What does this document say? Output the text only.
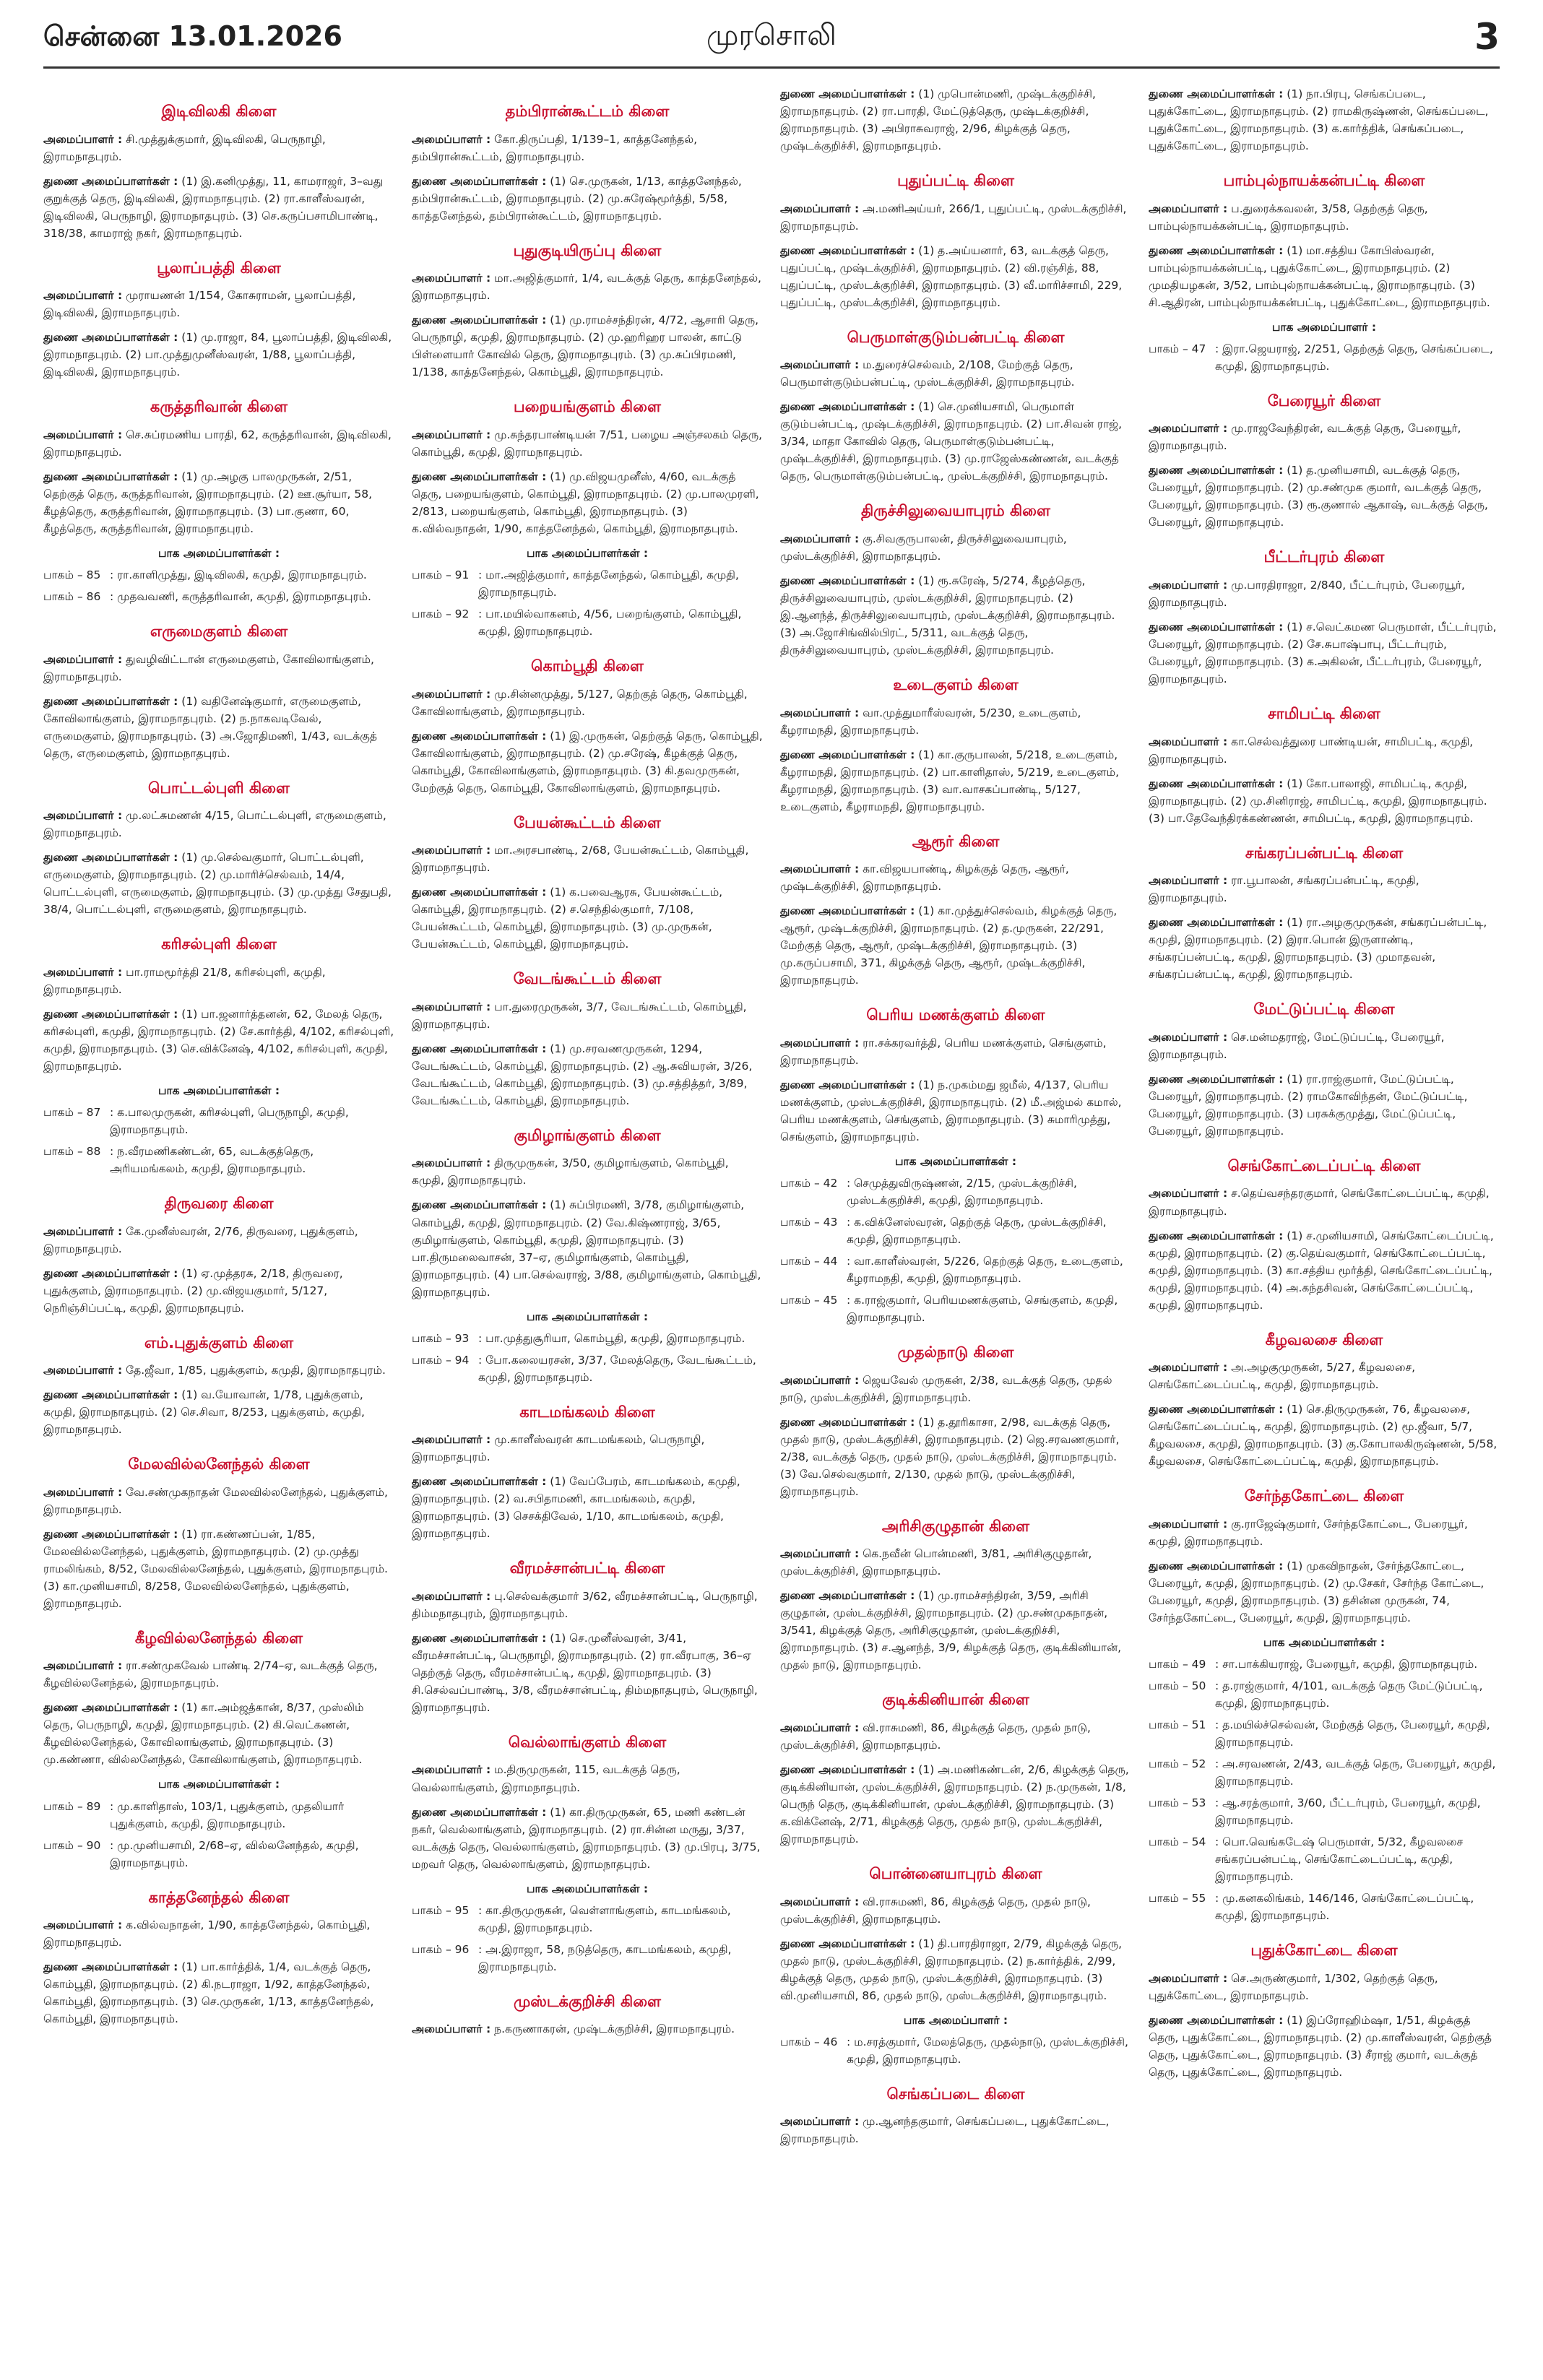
சென்னை 13.01.2026	முரசொலி	3
இடிவிலகி கிளை
அமைப்பாளர் : சி.முத்துக்குமார், இடிவிலகி, பெருநாழி, இராமநாதபுரம்.
துணை அமைப்பாளர்கள் : (1) இ.கனிமுத்து, 11, காமராஜர், 3–வது குறுக்குத் தெரு, இடிவிலகி, இராமநாதபுரம். (2) ரா.காளீஸ்வரன், இடிவிலகி, பெருநாழி, இராமநாதபுரம். (3) செ.கருப்பசாமிபாண்டி, 318/38, காமராஜ் நகர், இராமநாதபுரம்.
பூலாப்பத்தி கிளை
அமைப்பாளர் : முராயணன் 1/154, கோசுராமன், பூலாப்பத்தி, இடிவிலகி, இராமநாதபுரம்.
துணை அமைப்பாளர்கள் : (1) மு.ராஜா, 84, பூலாப்பத்தி, இடிவிலகி, இராமநாதபுரம். (2) பா.முத்துமுனீஸ்வரன், 1/88, பூலாப்பத்தி, இடிவிலகி, இராமநாதபுரம்.
கருத்தரிவான் கிளை
அமைப்பாளர் : செ.சுப்ரமணிய பாரதி, 62, கருத்தரிவான், இடிவிலகி, இராமநாதபுரம்.
துணை அமைப்பாளர்கள் : (1) மு.அழகு பாலமுருகன், 2/51, தெற்குத் தெரு, கருத்தரிவான், இராமநாதபுரம். (2) ஊ.சூர்யா, 58, கீழத்தெரு, கருத்தரிவான், இராமநாதபுரம். (3) பா.குணா, 60, கீழத்தெரு, கருத்தரிவான், இராமநாதபுரம்.
பாக அமைப்பாளர்கள் :
பாகம் – 85 : ரா.காளிமுத்து, இடிவிலகி, கமுதி, இராமநாதபுரம்.
பாகம் – 86 : முதவவணி, கருத்தரிவான், கமுதி, இராமநாதபுரம்.
எருமைகுளம் கிளை
அமைப்பாளர் : துவழிவிட்டான் எருமைகுளம், கோவிலாங்குளம், இராமநாதபுரம்.
துணை அமைப்பாளர்கள் : (1) வதினேஷ்குமார், எருமைகுளம், கோவிலாங்குளம், இராமநாதபுரம். (2) ந.நாகவடிவேல், எருமைகுளம், இராமநாதபுரம். (3) அ.ஜோதிமணி, 1/43, வடக்குத் தெரு, எருமைகுளம், இராமநாதபுரம்.
பொட்டல்புளி கிளை
அமைப்பாளர் : மு.லட்சுமணன் 4/15, பொட்டல்புளி, எருமைகுளம், இராமநாதபுரம்.
துணை அமைப்பாளர்கள் : (1) மு.செல்வகுமார், பொட்டல்புளி, எருமைகுளம், இராமநாதபுரம். (2) மு.மாரிச்செல்வம், 14/4, பொட்டல்புளி, எருமைகுளம், இராமநாதபுரம். (3) மு.முத்து சேதுபதி, 38/4, பொட்டல்புளி, எருமைகுளம், இராமநாதபுரம்.
கரிசல்புளி கிளை
அமைப்பாளர் : பா.ராமமூர்த்தி 21/8, கரிசல்புளி, கமுதி, இராமநாதபுரம்.
துணை அமைப்பாளர்கள் : (1) பா.ஜனார்த்தனன், 62, மேலத் தெரு, கரிசல்புளி, கமுதி, இராமநாதபுரம். (2) சே.கார்த்தி, 4/102, கரிசல்புளி, கமுதி, இராமநாதபுரம். (3) செ.விக்னேஷ், 4/102, கரிசல்புளி, கமுதி, இராமநாதபுரம்.
பாக அமைப்பாளர்கள் :
பாகம் – 87 : க.பாலமுருகன், கரிசல்புளி, பெருநாழி, கமுதி, இராமநாதபுரம்.
பாகம் – 88 : ந.வீரமணிகண்டன், 65, வடக்குத்தெரு, அரியமங்கலம், கமுதி, இராமநாதபுரம்.
திருவரை கிளை
அமைப்பாளர் : கே.முனீஸ்வரன், 2/76, திருவரை, புதுக்குளம், இராமநாதபுரம்.
துணை அமைப்பாளர்கள் : (1) ஏ.முத்தரசு, 2/18, திருவரை, புதுக்குளம், இராமநாதபுரம். (2) மு.விஜயகுமார், 5/127, நெரிஞ்சிப்பட்டி, கமுதி, இராமநாதபுரம்.
எம்.புதுக்குளம் கிளை
அமைப்பாளர் : தே.ஜீவா, 1/85, புதுக்குளம், கமுதி, இராமநாதபுரம்.
துணை அமைப்பாளர்கள் : (1) வ.யோவான், 1/78, புதுக்குளம், கமுதி, இராமநாதபுரம். (2) செ.சிவா, 8/253, புதுக்குளம், கமுதி, இராமநாதபுரம்.
மேலவில்லனேந்தல் கிளை
அமைப்பாளர் : வே.சண்முகநாதன் மேலவில்லனேந்தல், புதுக்குளம், இராமநாதபுரம்.
துணை அமைப்பாளர்கள் : (1) ரா.கண்ணப்பன், 1/85, மேலவில்லனேந்தல், புதுக்குளம், இராமநாதபுரம். (2) மு.முத்து ராமலிங்கம், 8/52, மேலவில்லனேந்தல், புதுக்குளம், இராமநாதபுரம். (3) கா.முனியசாமி, 8/258, மேலவில்லனேந்தல், புதுக்குளம், இராமநாதபுரம்.
கீழவில்லனேந்தல் கிளை
அமைப்பாளர் : ரா.சண்முகவேல் பாண்டி 2/74–ஏ, வடக்குத் தெரு, கீழவில்லனேந்தல், இராமநாதபுரம்.
துணை அமைப்பாளர்கள் : (1) கா.அம்ஜத்கான், 8/37, முஸ்லிம் தெரு, பெருநாழி, கமுதி, இராமநாதபுரம். (2) கி.வெட்கணன், கீழவில்லனேந்தல், கோவிலாங்குளம், இராமநாதபுரம். (3) மு.கண்ணா, வில்லனேந்தல், கோவிலாங்குளம், இராமநாதபுரம்.
பாக அமைப்பாளர்கள் :
பாகம் – 89 : மு.காளிதாஸ், 103/1, புதுக்குளம், முதலியார் புதுக்குளம், கமுதி, இராமநாதபுரம்.
பாகம் – 90 : மு.முனியசாமி, 2/68–ஏ, வில்லனேந்தல், கமுதி, இராமநாதபுரம்.
காத்தனேந்தல் கிளை
அமைப்பாளர் : க.வில்வநாதன், 1/90, காத்தனேந்தல், கொம்பூதி, இராமநாதபுரம்.
துணை அமைப்பாளர்கள் : (1) பா.கார்த்திக், 1/4, வடக்குத் தெரு, கொம்பூதி, இராமநாதபுரம். (2) கி.நடராஜா, 1/92, காத்தனேந்தல், கொம்பூதி, இராமநாதபுரம். (3) செ.முருகன், 1/13, காத்தனேந்தல், கொம்பூதி, இராமநாதபுரம்.
தம்பிரான்கூட்டம் கிளை
அமைப்பாளர் : கோ.திருப்பதி, 1/139–1, காத்தனேந்தல், தம்பிரான்கூட்டம், இராமநாதபுரம்.
துணை அமைப்பாளர்கள் : (1) செ.முருகன், 1/13, காத்தனேந்தல், தம்பிரான்கூட்டம், இராமநாதபுரம். (2) மு.சுரேஷ்மூர்த்தி, 5/58, காத்தனேந்தல், தம்பிரான்கூட்டம், இராமநாதபுரம்.
புதுகுடியிருப்பு கிளை
அமைப்பாளர் : மா.அஜித்குமார், 1/4, வடக்குத் தெரு, காத்தனேந்தல், இராமநாதபுரம்.
துணை அமைப்பாளர்கள் : (1) மு.ராமச்சந்திரன், 4/72, ஆசாரி தெரு, பெருநாழி, கமுதி, இராமநாதபுரம். (2) மு.ஹரிஹர பாலன், காட்டு பிள்ளையார் கோவில் தெரு, இராமநாதபுரம். (3) மு.சுப்பிரமணி, 1/138, காத்தனேந்தல், கொம்பூதி, இராமநாதபுரம்.
பறையங்குளம் கிளை
அமைப்பாளர் : மு.சுந்தரபாண்டியன் 7/51, பழைய அஞ்சலகம் தெரு, கொம்பூதி, கமுதி, இராமநாதபுரம்.
துணை அமைப்பாளர்கள் : (1) மு.விஜயமுனீஸ், 4/60, வடக்குத் தெரு, பறையங்குளம், கொம்பூதி, இராமநாதபுரம். (2) மு.பாலமுரளி, 2/813, பறையங்குளம், கொம்பூதி, இராமநாதபுரம். (3) க.வில்வநாதன், 1/90, காத்தனேந்தல், கொம்பூதி, இராமநாதபுரம்.
பாக அமைப்பாளர்கள் :
பாகம் – 91 : மா.அஜித்குமார், காத்தனேந்தல், கொம்பூதி, கமுதி, இராமநாதபுரம்.
பாகம் – 92 : பா.மயில்வாகனம், 4/56, பறைங்குளம், கொம்பூதி, கமுதி, இராமநாதபுரம்.
கொம்பூதி கிளை
அமைப்பாளர் : மு.சின்னமுத்து, 5/127, தெற்குத் தெரு, கொம்பூதி, கோவிலாங்குளம், இராமநாதபுரம்.
துணை அமைப்பாளர்கள் : (1) இ.முருகன், தெற்குத் தெரு, கொம்பூதி, கோவிலாங்குளம், இராமநாதபுரம். (2) மு.சரேஷ், கீழக்குத் தெரு, கொம்பூதி, கோவிலாங்குளம், இராமநாதபுரம். (3) கி.தவமுருகன், மேற்குத் தெரு, கொம்பூதி, கோவிலாங்குளம், இராமநாதபுரம்.
பேயன்கூட்டம் கிளை
அமைப்பாளர் : மா.அரசபாண்டி, 2/68, பேயன்கூட்டம், கொம்பூதி, இராமநாதபுரம்.
துணை அமைப்பாளர்கள் : (1) க.பவைஆரசு, பேயன்கூட்டம், கொம்பூதி, இராமநாதபுரம். (2) ச.செந்தில்குமார், 7/108, பேயன்கூட்டம், கொம்பூதி, இராமநாதபுரம். (3) மு.முருகன், பேயன்கூட்டம், கொம்பூதி, இராமநாதபுரம்.
வேடங்கூட்டம் கிளை
அமைப்பாளர் : பா.துரைமுருகன், 3/7, வேடங்கூட்டம், கொம்பூதி, இராமநாதபுரம்.
துணை அமைப்பாளர்கள் : (1) மு.சரவணமுருகன், 1294, வேடங்கூட்டம், கொம்பூதி, இராமநாதபுரம். (2) ஆ.சுவியரன், 3/26, வேடங்கூட்டம், கொம்பூதி, இராமநாதபுரம். (3) மு.சத்தித்தர், 3/89, வேடங்கூட்டம், கொம்பூதி, இராமநாதபுரம்.
குமிழாங்குளம் கிளை
அமைப்பாளர் : திருமுருகன், 3/50, குமிழாங்குளம், கொம்பூதி, கமுதி, இராமநாதபுரம்.
துணை அமைப்பாளர்கள் : (1) சுப்பிரமணி, 3/78, குமிழாங்குளம், கொம்பூதி, கமுதி, இராமநாதபுரம். (2) வே.கிஷ்ணராஜ், 3/65, குமிழாங்குளம், கொம்பூதி, கமுதி, இராமநாதபுரம். (3) பா.திருமலைவாசன், 37–ஏ, குமிழாங்குளம், கொம்பூதி, இராமநாதபுரம். (4) பா.செல்வராஜ், 3/88, குமிழாங்குளம், கொம்பூதி, இராமநாதபுரம்.
பாக அமைப்பாளர்கள் :
பாகம் – 93 : பா.முத்துசூரியா, கொம்பூதி, கமுதி, இராமநாதபுரம்.
பாகம் – 94 : போ.கலையரசன், 3/37, மேலத்தெரு, வேடங்கூட்டம், கமுதி, இராமநாதபுரம்.
காடமங்கலம் கிளை
அமைப்பாளர் : மு.காளீஸ்வரன் காடமங்கலம், பெருநாழி, இராமநாதபுரம்.
துணை அமைப்பாளர்கள் : (1) வேப்பேரம், காடமங்கலம், கமுதி, இராமநாதபுரம். (2) வ.சபிதாமணி, காடமங்கலம், கமுதி, இராமநாதபுரம். (3) செசக்திவேல், 1/10, காடமங்கலம், கமுதி, இராமநாதபுரம்.
வீரமச்சான்பட்டி கிளை
அமைப்பாளர் : பு.செல்வக்குமார் 3/62, வீரமச்சான்பட்டி, பெருநாழி, திம்மநாதபுரம், இராமநாதபுரம்.
துணை அமைப்பாளர்கள் : (1) செ.முனீஸ்வரன், 3/41, வீரமச்சான்பட்டி, பெருநாழி, இராமநாதபுரம். (2) ரா.வீரபாகு, 36–ஏ தெற்குத் தெரு, வீரமச்சான்பட்டி, கமுதி, இராமநாதபுரம். (3) சி.செல்வப்பாண்டி, 3/8, வீரமச்சான்பட்டி, திம்மநாதபுரம், பெருநாழி, இராமநாதபுரம்.
வெல்லாங்குளம் கிளை
அமைப்பாளர் : ம.திருமுருகன், 115, வடக்குத் தெரு, வெல்லாங்குளம், இராமநாதபுரம்.
துணை அமைப்பாளர்கள் : (1) கா.திருமுருகன், 65, மணி கண்டன் நகர், வெல்லாங்குளம், இராமநாதபுரம். (2) ரா.சின்ன மருது, 3/37, வடக்குத் தெரு, வெல்லாங்குளம், இராமநாதபுரம். (3) மு.பிரபு, 3/75, மறவர் தெரு, வெல்லாங்குளம், இராமநாதபுரம்.
பாக அமைப்பாளர்கள் :
பாகம் – 95 : கா.திருமுருகன், வெள்ளாங்குளம், காடமங்கலம், கமுதி, இராமநாதபுரம்.
பாகம் – 96 : அ.இராஜா, 58, நடுத்தெரு, காடமங்கலம், கமுதி, இராமநாதபுரம்.
முஸ்டக்குறிச்சி கிளை
அமைப்பாளர் : ந.கருணாகரன், முஷ்டக்குறிச்சி, இராமநாதபுரம்.
துணை அமைப்பாளர்கள் : (1) முபொன்மணி, முஷ்டக்குறிச்சி, இராமநாதபுரம். (2) ரா.பாரதி, மேட்டுத்தெரு, முஷ்டக்குறிச்சி, இராமநாதபுரம். (3) அபிராசுவராஜ், 2/96, கிழக்குத் தெரு, முஷ்டக்குறிச்சி, இராமநாதபுரம்.
புதுப்பட்டி கிளை
அமைப்பாளர் : அ.மணிஅய்யர், 266/1, புதுப்பட்டி, முஸ்டக்குறிச்சி, இராமநாதபுரம்.
துணை அமைப்பாளர்கள் : (1) த.அய்யனார், 63, வடக்குத் தெரு, புதுப்பட்டி, முஷ்டக்குறிச்சி, இராமநாதபுரம். (2) வி.ரஞ்சித், 88, புதுப்பட்டி, முஸ்டக்குறிச்சி, இராமநாதபுரம். (3) வீ.மாரிச்சாமி, 229, புதுப்பட்டி, முஸ்டக்குறிச்சி, இராமநாதபுரம்.
பெருமாள்குடும்பன்பட்டி கிளை
அமைப்பாளர் : ம.துரைச்செல்வம், 2/108, மேற்குத் தெரு, பெருமாள்குடும்பன்பட்டி, முஸ்டக்குறிச்சி, இராமநாதபுரம்.
துணை அமைப்பாளர்கள் : (1) செ.முனியசாமி, பெருமாள் குடும்பன்பட்டி, முஷ்டக்குறிச்சி, இராமநாதபுரம். (2) பா.சிவன் ராஜ், 3/34, மாதா கோவில் தெரு, பெருமாள்குடும்பன்பட்டி, முஷ்டக்குறிச்சி, இராமநாதபுரம். (3) மு.ராஜேஸ்கண்ணன், வடக்குத் தெரு, பெருமாள்குடும்பன்பட்டி, முஸ்டக்குறிச்சி, இராமநாதபுரம்.
திருச்சிலுவையாபுரம் கிளை
அமைப்பாளர் : கு.சிவகுருபாலன், திருச்சிலுவையாபுரம், முஸ்டக்குறிச்சி, இராமநாதபுரம்.
துணை அமைப்பாளர்கள் : (1) ரூ.சுரேஷ், 5/274, கீழத்தெரு, திருச்சிலுவையாபுரம், முஸ்டக்குறிச்சி, இராமநாதபுரம். (2) இ.ஆனந்த், திருச்சிலுவையாபுரம், முஸ்டக்குறிச்சி, இராமநாதபுரம். (3) அ.ஜோசிங்வில்பிரட், 5/311, வடக்குத் தெரு, திருச்சிலுவையாபுரம், முஸ்டக்குறிச்சி, இராமநாதபுரம்.
உடைகுளம் கிளை
அமைப்பாளர் : வா.முத்துமாரீஸ்வரன், 5/230, உடைகுளம், கீழராமநதி, இராமநாதபுரம்.
துணை அமைப்பாளர்கள் : (1) கா.குருபாலன், 5/218, உடைகுளம், கீழராமநதி, இராமநாதபுரம். (2) பா.காளிதாஸ், 5/219, உடைகுளம், கீழராமநதி, இராமநாதபுரம். (3) வா.வாசகப்பாண்டி, 5/127, உடைகுளம், கீழராமநதி, இராமநாதபுரம்.
ஆரூர் கிளை
அமைப்பாளர் : கா.விஜயபாண்டி, கிழக்குத் தெரு, ஆரூர், முஷ்டக்குறிச்சி, இராமநாதபுரம்.
துணை அமைப்பாளர்கள் : (1) கா.முத்துச்செல்வம், கிழக்குத் தெரு, ஆரூர், முஷ்டக்குறிச்சி, இராமநாதபுரம். (2) த.முருகன், 22/291, மேற்குத் தெரு, ஆரூர், முஷ்டக்குறிச்சி, இராமநாதபுரம். (3) மு.கருப்பசாமி, 371, கிழக்குத் தெரு, ஆரூர், முஷ்டக்குறிச்சி, இராமநாதபுரம்.
பெரிய மணக்குளம் கிளை
அமைப்பாளர் : ரா.சக்கரவர்த்தி, பெரிய மணக்குளம், செங்குளம், இராமநாதபுரம்.
துணை அமைப்பாளர்கள் : (1) ந.முகம்மது ஜமீல், 4/137, பெரிய மணக்குளம், முஸ்டக்குறிச்சி, இராமநாதபுரம். (2) மீ.அஜ்மல் கமால், பெரிய மணக்குளம், செங்குளம், இராமநாதபுரம். (3) சுமாரிமுத்து, செங்குளம், இராமநாதபுரம்.
பாக அமைப்பாளர்கள் :
பாகம் – 42 : செமுத்துவிருஷ்ணன், 2/15, முஸ்டக்குறிச்சி, முஸ்டக்குறிச்சி, கமுதி, இராமநாதபுரம்.
பாகம் – 43 : க.விக்னேஸ்வரன், தெற்குத் தெரு, முஸ்டக்குறிச்சி, கமுதி, இராமநாதபுரம்.
பாகம் – 44 : வா.காளீஸ்வரன், 5/226, தெற்குத் தெரு, உடைகுளம், கீழராமநதி, கமுதி, இராமநாதபுரம்.
பாகம் – 45 : க.ராஜ்குமார், பெரியமணக்குளம், செங்குளம், கமுதி, இராமநாதபுரம்.
முதல்நாடு கிளை
அமைப்பாளர் : ஜெயவேல் முருகன், 2/38, வடக்குத் தெரு, முதல் நாடு, முஸ்டக்குறிச்சி, இராமநாதபுரம்.
துணை அமைப்பாளர்கள் : (1) த.தூரிகாசா, 2/98, வடக்குத் தெரு, முதல் நாடு, முஸ்டக்குறிச்சி, இராமநாதபுரம். (2) ஜெ.சரவணகுமார், 2/38, வடக்குத் தெரு, முதல் நாடு, முஸ்டக்குறிச்சி, இராமநாதபுரம். (3) வே.செல்வகுமார், 2/130, முதல் நாடு, முஸ்டக்குறிச்சி, இராமநாதபுரம்.
அரிசிகுழுதான் கிளை
அமைப்பாளர் : கெ.நவீன் பொன்மணி, 3/81, அரிசிகுழுதான், முஸ்டக்குறிச்சி, இராமநாதபுரம்.
துணை அமைப்பாளர்கள் : (1) மு.ராமச்சந்திரன், 3/59, அரிசி குழுதான், முஸ்டக்குறிச்சி, இராமநாதபுரம். (2) மு.சண்முகநாதன், 3/541, கிழக்குத் தெரு, அரிசிகுழுதான், முஸ்டக்குறிச்சி, இராமநாதபுரம். (3) ச.ஆனந்த், 3/9, கிழக்குத் தெரு, குடிக்கினியான், முதல் நாடு, இராமநாதபுரம்.
குடிக்கினியான் கிளை
அமைப்பாளர் : வி.ராசுமணி, 86, கிழக்குத் தெரு, முதல் நாடு, முஸ்டக்குறிச்சி, இராமநாதபுரம்.
துணை அமைப்பாளர்கள் : (1) அ.மணிகண்டன், 2/6, கிழக்குத் தெரு, குடிக்கினியான், முஸ்டக்குறிச்சி, இராமநாதபுரம். (2) ந.முருகன், 1/8, பெருந் தெரு, குடிக்கினியான், முஸ்டக்குறிச்சி, இராமநாதபுரம். (3) க.விக்னேஷ், 2/71, கிழக்குத் தெரு, முதல் நாடு, முஸ்டக்குறிச்சி, இராமநாதபுரம்.
பொன்னையாபுரம் கிளை
அமைப்பாளர் : வி.ராசுமணி, 86, கிழக்குத் தெரு, முதல் நாடு, முஸ்டக்குறிச்சி, இராமநாதபுரம்.
துணை அமைப்பாளர்கள் : (1) தி.பாரதிராஜா, 2/79, கிழக்குத் தெரு, முதல் நாடு, முஸ்டக்குறிச்சி, இராமநாதபுரம். (2) ந.கார்த்திக், 2/99, கிழக்குத் தெரு, முதல் நாடு, முஸ்டக்குறிச்சி, இராமநாதபுரம். (3) வி.முனியசாமி, 86, முதல் நாடு, முஸ்டக்குறிச்சி, இராமநாதபுரம்.
பாக அமைப்பாளர் :
பாகம் – 46 : ம.சரத்குமார், மேலத்தெரு, முதல்நாடு, முஸ்டக்குறிச்சி, கமுதி, இராமநாதபுரம்.
செங்கப்படை கிளை
அமைப்பாளர் : மு.ஆனந்தகுமார், செங்கப்படை, புதுக்கோட்டை, இராமநாதபுரம்.
துணை அமைப்பாளர்கள் : (1) நா.பிரபு, செங்கப்படை, புதுக்கோட்டை, இராமநாதபுரம். (2) ராமகிருஷ்ணன், செங்கப்படை, புதுக்கோட்டை, இராமநாதபுரம். (3) க.கார்த்திக், செங்கப்படை, புதுக்கோட்டை, இராமநாதபுரம்.
பாம்புல்நாயக்கன்பட்டி கிளை
அமைப்பாளர் : ப.துரைக்கவலன், 3/58, தெற்குத் தெரு, பாம்புல்நாயக்கன்பட்டி, இராமநாதபுரம்.
துணை அமைப்பாளர்கள் : (1) மா.சத்திய கோபிஸ்வரன், பாம்புல்நாயக்கன்பட்டி, புதுக்கோட்டை, இராமநாதபுரம். (2) முமதியழகன், 3/52, பாம்புல்நாயக்கன்பட்டி, இராமநாதபுரம். (3) சி.ஆதிரன், பாம்புல்நாயக்கன்பட்டி, புதுக்கோட்டை, இராமநாதபுரம்.
பாக அமைப்பாளர் :
பாகம் – 47 : இரா.ஜெயராஜ், 2/251, தெற்குத் தெரு, செங்கப்படை, கமுதி, இராமநாதபுரம்.
பேரையூர் கிளை
அமைப்பாளர் : மு.ராஜவேந்திரன், வடக்குத் தெரு, பேரையூர், இராமநாதபுரம்.
துணை அமைப்பாளர்கள் : (1) த.முனியசாமி, வடக்குத் தெரு, பேரையூர், இராமநாதபுரம். (2) மு.சண்முக குமார், வடக்குத் தெரு, பேரையூர், இராமநாதபுரம். (3) ரூ.குணால் ஆகாஷ், வடக்குத் தெரு, பேரையூர், இராமநாதபுரம்.
பீட்டர்புரம் கிளை
அமைப்பாளர் : மு.பாரதிராஜா, 2/840, பீட்டர்புரம், பேரையூர், இராமநாதபுரம்.
துணை அமைப்பாளர்கள் : (1) ச.வெட்கமண பெருமாள், பீட்டர்புரம், பேரையூர், இராமநாதபுரம். (2) சே.சுபாஷ்பாபு, பீட்டர்புரம், பேரையூர், இராமநாதபுரம். (3) க.அகிலன், பீட்டர்புரம், பேரையூர், இராமநாதபுரம்.
சாமிபட்டி கிளை
அமைப்பாளர் : கா.செல்வத்துரை பாண்டியன், சாமிபட்டி, கமுதி, இராமநாதபுரம்.
துணை அமைப்பாளர்கள் : (1) கோ.பாலாஜி, சாமிபட்டி, கமுதி, இராமநாதபுரம். (2) மு.சினிராஜ், சாமிபட்டி, கமுதி, இராமநாதபுரம். (3) பா.தேவேந்திரக்கண்ணன், சாமிபட்டி, கமுதி, இராமநாதபுரம்.
சங்கரப்பன்பட்டி கிளை
அமைப்பாளர் : ரா.பூபாலன், சங்கரப்பன்பட்டி, கமுதி, இராமநாதபுரம்.
துணை அமைப்பாளர்கள் : (1) ரா.அழகுமுருகன், சங்கரப்பன்பட்டி, கமுதி, இராமநாதபுரம். (2) இரா.பொன் இருளாண்டி, சங்கரப்பன்பட்டி, கமுதி, இராமநாதபுரம். (3) முமாதவன், சங்கரப்பன்பட்டி, கமுதி, இராமநாதபுரம்.
மேட்டுப்பட்டி கிளை
அமைப்பாளர் : செ.மன்மதராஜ், மேட்டுப்பட்டி, பேரையூர், இராமநாதபுரம்.
துணை அமைப்பாளர்கள் : (1) ரா.ராஜ்குமார், மேட்டுப்பட்டி, பேரையூர், இராமநாதபுரம். (2) ராமகோவிந்தன், மேட்டுப்பட்டி, பேரையூர், இராமநாதபுரம். (3) பரசுக்குமுத்து, மேட்டுப்பட்டி, பேரையூர், இராமநாதபுரம்.
செங்கோட்டைப்பட்டி கிளை
அமைப்பாளர் : ச.தெய்வசந்தரகுமார், செங்கோட்டைப்பட்டி, கமுதி, இராமநாதபுரம்.
துணை அமைப்பாளர்கள் : (1) ச.முனியசாமி, செங்கோட்டைப்பட்டி, கமுதி, இராமநாதபுரம். (2) கு.தெய்வகுமார், செங்கோட்டைப்பட்டி, கமுதி, இராமநாதபுரம். (3) கா.சத்திய மூர்த்தி, செங்கோட்டைப்பட்டி, கமுதி, இராமநாதபுரம். (4) அ.கந்தசிவன், செங்கோட்டைப்பட்டி, கமுதி, இராமநாதபுரம்.
கீழவலசை கிளை
அமைப்பாளர் : அ.அழகுமுருகன், 5/27, கீழவலசை, செங்கோட்டைப்பட்டி, கமுதி, இராமநாதபுரம்.
துணை அமைப்பாளர்கள் : (1) செ.திருமுருகன், 76, கீழவலசை, செங்கோட்டைப்பட்டி, கமுதி, இராமநாதபுரம். (2) மூ.ஜீவா, 5/7, கீழவலசை, கமுதி, இராமநாதபுரம். (3) கு.கோபாலகிருஷ்ணன், 5/58, கீழவலசை, செங்கோட்டைப்பட்டி, கமுதி, இராமநாதபுரம்.
சேர்ந்தகோட்டை கிளை
அமைப்பாளர் : கு.ராஜேஷ்குமார், சேர்ந்தகோட்டை, பேரையூர், கமுதி, இராமநாதபுரம்.
துணை அமைப்பாளர்கள் : (1) முகவிநாதன், சேர்ந்தகோட்டை, பேரையூர், கமுதி, இராமநாதபுரம். (2) மு.சேகர், சேர்ந்த கோட்டை, பேரையூர், கமுதி, இராமநாதபுரம். (3) தசின்ன முருகன், 74, சேர்ந்தகோட்டை, பேரையூர், கமுதி, இராமநாதபுரம்.
பாக அமைப்பாளர்கள் :
பாகம் – 49 : சா.பாக்கியராஜ், பேரையூர், கமுதி, இராமநாதபுரம்.
பாகம் – 50 : த.ராஜ்குமார், 4/101, வடக்குத் தெரு மேட்டுப்பட்டி, கமுதி, இராமநாதபுரம்.
பாகம் – 51 : த.மயில்ச்செல்வன், மேற்குத் தெரு, பேரையூர், கமுதி, இராமநாதபுரம்.
பாகம் – 52 : அ.சரவணன், 2/43, வடக்குத் தெரு, பேரையூர், கமுதி, இராமநாதபுரம்.
பாகம் – 53 : ஆ.சரத்குமார், 3/60, பீட்டர்புரம், பேரையூர், கமுதி, இராமநாதபுரம்.
பாகம் – 54 : பொ.வெங்கடேஷ் பெருமாள், 5/32, கீழவலசை சங்கரப்பன்பட்டி, செங்கோட்டைப்பட்டி, கமுதி, இராமநாதபுரம்.
பாகம் – 55 : மு.கனகலிங்கம், 146/146, செங்கோட்டைப்பட்டி, கமுதி, இராமநாதபுரம்.
புதுக்கோட்டை கிளை
அமைப்பாளர் : செ.அருண்குமார், 1/302, தெற்குத் தெரு, புதுக்கோட்டை, இராமநாதபுரம்.
துணை அமைப்பாளர்கள் : (1) இப்ரோஹிம்ஷா, 1/51, கிழக்குத் தெரு, புதுக்கோட்டை, இராமநாதபுரம். (2) மு.காளீஸ்வரன், தெற்குத் தெரு, புதுக்கோட்டை, இராமநாதபுரம். (3) சீராஜ் குமார், வடக்குத் தெரு, புதுக்கோட்டை, இராமநாதபுரம்.
